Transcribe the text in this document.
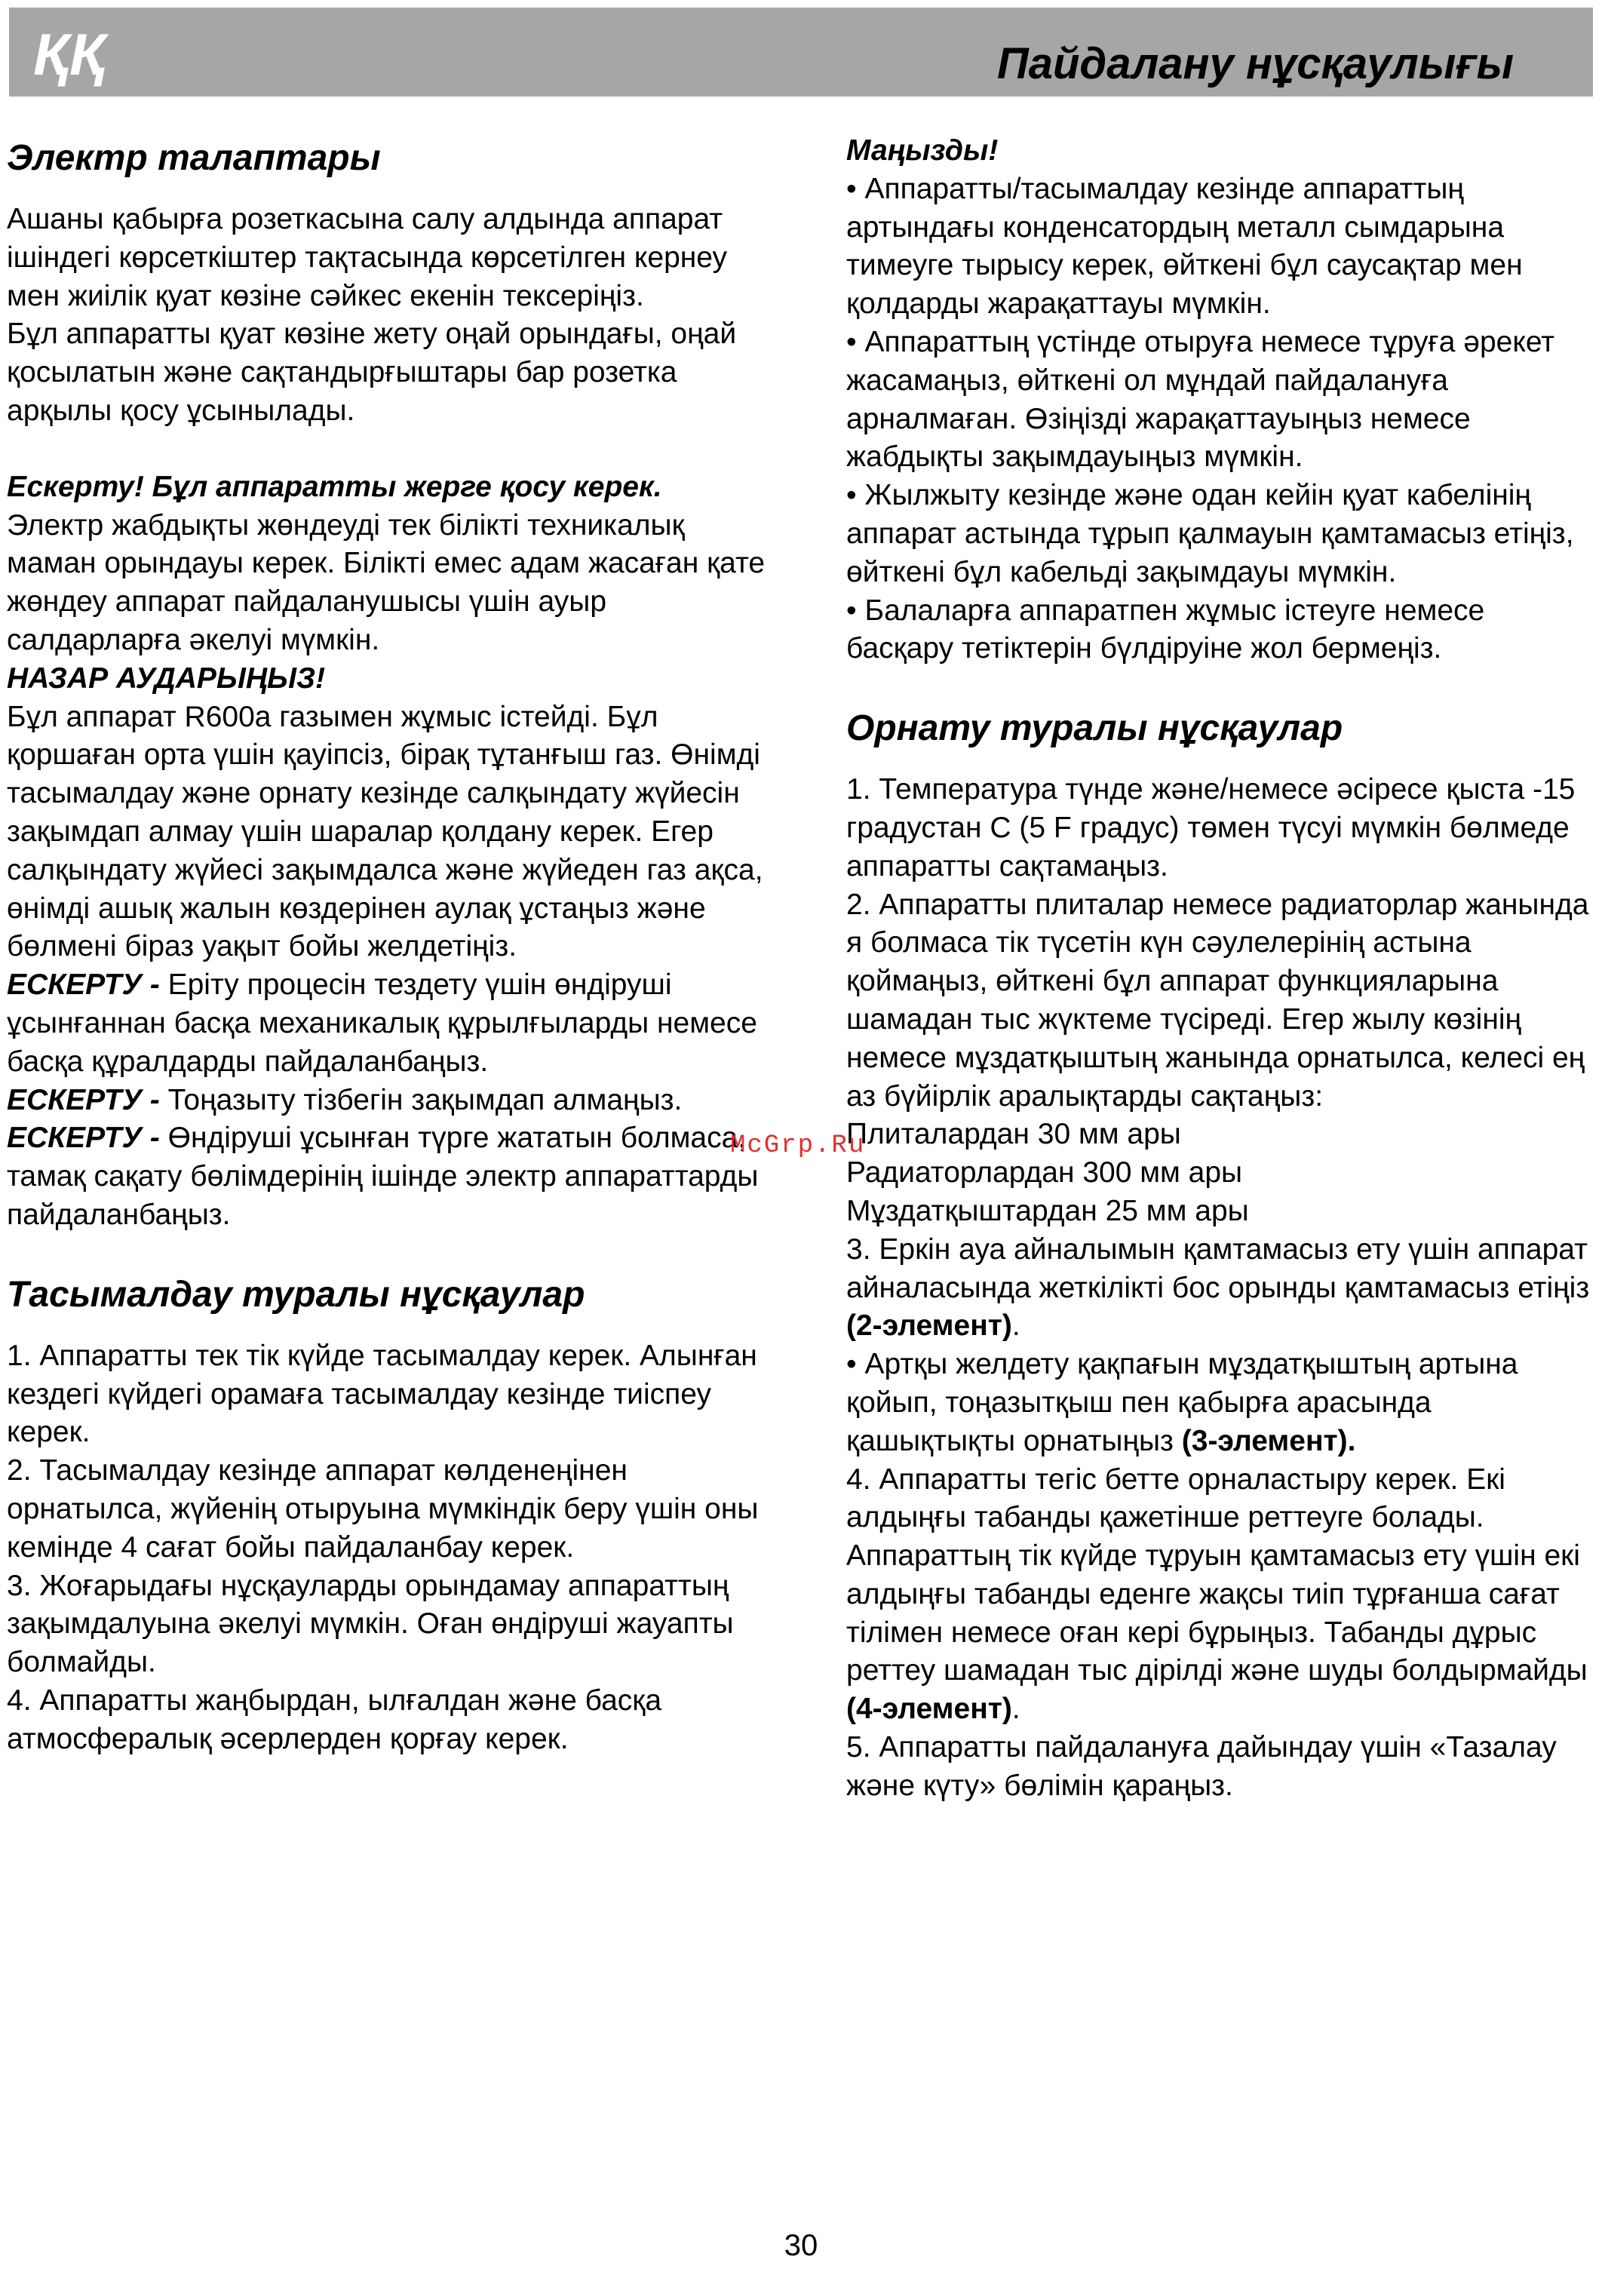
ҚҚ	Пайдалану нұсқаулығы
Электр талаптары

Ашаны қабырға розеткасына салу алдында аппарат ішіндегі көрсеткіштер тақтасында көрсетілген кернеу мен жиілік қуат көзіне сәйкес екенін тексеріңіз.

Бұл аппаратты қуат көзіне жету оңай орындағы, оңай қосылатын және сақтандырғыштары бар розетка арқылы қосу ұсынылады.

Ескерту! Бұл аппаратты жерге қосу керек.

Электр жабдықты жөндеуді тек білікті техникалық маман орындауы керек. Білікті емес адам жасаған қате жөндеу аппарат пайдаланушысы үшін ауыр салдарларға әкелуі мүмкін.

НАЗАР АУДАРЫҢЫЗ!

Бұл аппарат R600a газымен жұмыс істейді. Бұл қоршаған орта үшін қауіпсіз, бірақ тұтанғыш газ. Өнімді тасымалдау және орнату кезінде салқындату жүйесін зақымдап алмау үшін шаралар қолдану керек. Егер салқындату жүйесі зақымдалса және жүйеден газ ақса, өнімді ашық жалын көздерінен аулақ ұстаңыз және бөлмені біраз уақыт бойы желдетіңіз.

ЕСКЕРТУ - Еріту процесін тездету үшін өндіруші ұсынғаннан басқа механикалық құрылғыларды немесе басқа құралдарды пайдаланбаңыз.

ЕСКЕРТУ - Тоңазыту тізбегін зақымдап алмаңыз.

ЕСКЕРТУ - Өндіруші ұсынған түрге жататын болмаса, тамақ сақату бөлімдерінің ішінде электр аппараттарды пайдаланбаңыз.

Тасымалдау туралы нұсқаулар

1. Аппаратты тек тік күйде тасымалдау керек. Алынған кездегі күйдегі орамаға тасымалдау кезінде тиіспеу керек.

2. Тасымалдау кезінде аппарат көлденеңінен орнатылса, жүйенің отыруына мүмкіндік беру үшін оны кемінде 4 сағат бойы пайдаланбау керек.

3. Жоғарыдағы нұсқауларды орындамау аппараттың зақымдалуына әкелуі мүмкін. Оған өндіруші жауапты болмайды.

4. Аппаратты жаңбырдан, ылғалдан және басқа атмосфералық әсерлерден қорғау керек.

Маңызды!

• Аппаратты/тасымалдау кезінде аппараттың артындағы конденсатордың металл сымдарына тимеуге тырысу керек, өйткені бұл саусақтар мен қолдарды жарақаттауы мүмкін.

• Аппараттың үстінде отыруға немесе тұруға әрекет жасамаңыз, өйткені ол мұндай пайдалануға арналмаған. Өзіңізді жарақаттауыңыз немесе жабдықты зақымдауыңыз мүмкін.

• Жылжыту кезінде және одан кейін қуат кабелінің аппарат астында тұрып қалмауын қамтамасыз етіңіз, өйткені бұл кабельді зақымдауы мүмкін.

• Балаларға аппаратпен жұмыс істеуге немесе басқару тетіктерін бүлдіруіне жол бермеңіз.

Орнату туралы нұсқаулар

1. Температура түнде және/немесе әсіресе қыста -15 градустан С (5 F градус) төмен түсуі мүмкін бөлмеде аппаратты сақтамаңыз.

2. Аппаратты плиталар немесе радиаторлар жанында я болмаса тік түсетін күн сәулелерінің астына қоймаңыз, өйткені бұл аппарат функцияларына шамадан тыс жүктеме түсіреді. Егер жылу көзінің немесе мұздатқыштың жанында орнатылса, келесі ең аз бүйірлік аралықтарды сақтаңыз:

Плиталардан 30 мм ары

Радиаторлардан 300 мм ары

Мұздатқыштардан 25 мм ары

3. Еркін ауа айналымын қамтамасыз ету үшін аппарат айналасында жеткілікті бос орынды қамтамасыз етіңіз (2-элемент).

• Артқы желдету қақпағын мұздатқыштың артына қойып, тоңазытқыш пен қабырға арасында қашықтықты орнатыңыз (3-элемент).

4. Аппаратты тегіс бетте орналастыру керек. Екі алдыңғы табанды қажетінше реттеуге болады. Аппараттың тік күйде тұруын қамтамасыз ету үшін екі алдыңғы табанды еденге жақсы тиіп тұрғанша сағат тілімен немесе оған кері бұрыңыз. Табанды дұрыс реттеу шамадан тыс дірілді және шуды болдырмайды (4-элемент).

5. Аппаратты пайдалануға дайындау үшін «Тазалау және күту» бөлімін қараңыз.

McGrp.Ru
30
